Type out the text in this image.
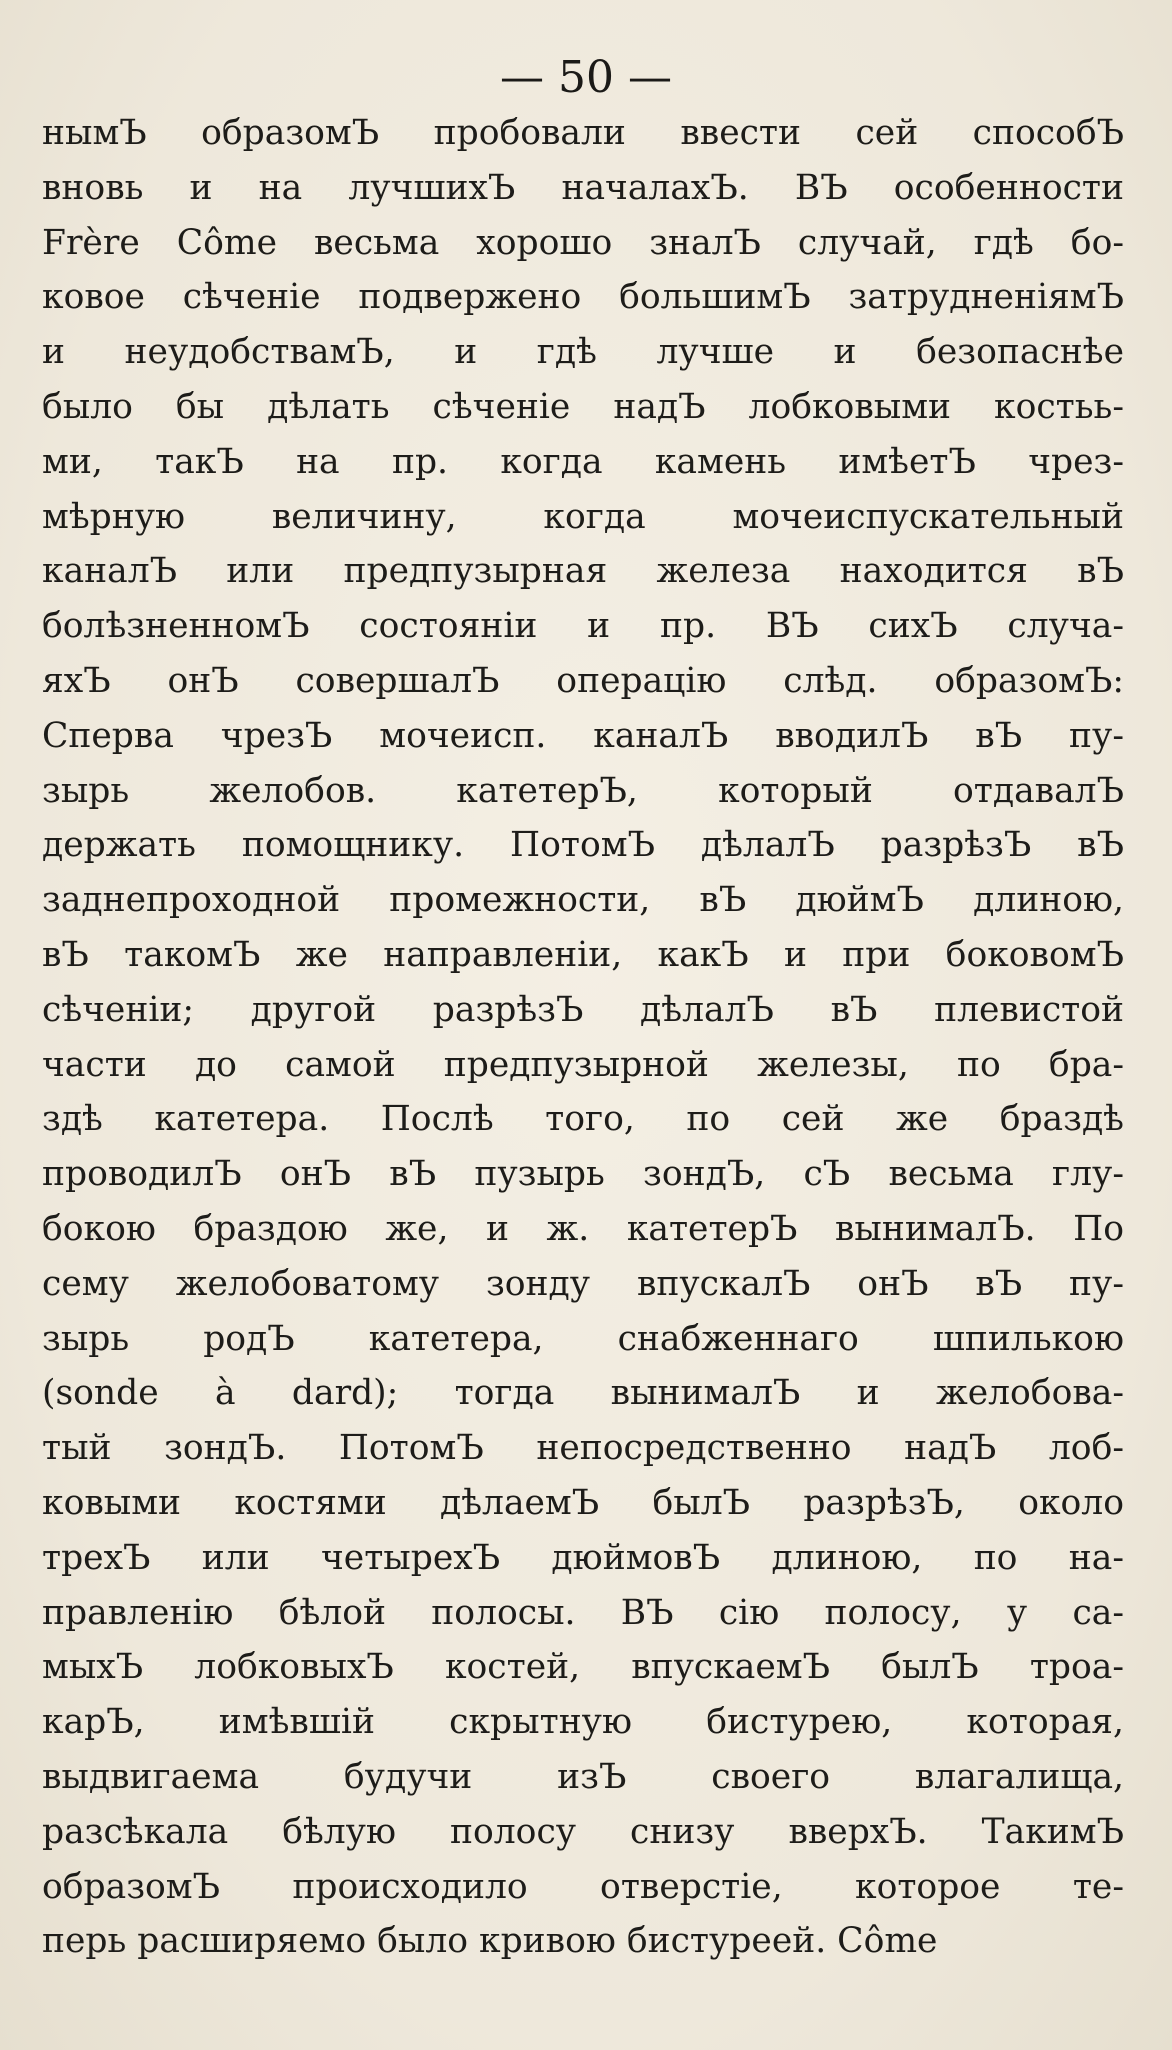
— 50 —
нымЪ образомЪ пробовали ввести сей способЪ
вновь и на лучшихЪ началахЪ. ВЪ особенности
Frère Côme весьма хорошо зналЪ случай, гдѣ бо-
ковое сѣченіе подвержено большимЪ затрудненіямЪ
и неудобствамЪ, и гдѣ лучше и безопаснѣе
было бы дѣлать сѣченіе надЪ лобковыми костьь-
ми, такЪ на пр. когда камень имѣетЪ чрез-
мѣрную величину, когда мочеиспускательный
каналЪ или предпузырная железа находится вЪ
болѣзненномЪ состояніи и пр. ВЪ сихЪ случа-
яхЪ онЪ совершалЪ операцію слѣд. образомЪ:
Сперва чрезЪ мочеисп. каналЪ вводилЪ вЪ пу-
зырь желобов. катетерЪ, который отдавалЪ
держать помощнику. ПотомЪ дѣлалЪ разрѣзЪ вЪ
заднепроходной промежности, вЪ дюймЪ длиною,
вЪ такомЪ же направленіи, какЪ и при боковомЪ
сѣченіи; другой разрѣзЪ дѣлалЪ вЪ плевистой
части до самой предпузырной железы, по бра-
здѣ катетера. Послѣ того, по сей же браздѣ
проводилЪ онЪ вЪ пузырь зондЪ, сЪ весьма глу-
бокою браздою же, и ж. катетерЪ вынималЪ. По
сему желобоватому зонду впускалЪ онЪ вЪ пу-
зырь родЪ катетера, снабженнаго шпилькою
(sonde à dard); тогда вынималЪ и желобова-
тый зондЪ. ПотомЪ непосредственно надЪ лоб-
ковыми костями дѣлаемЪ былЪ разрѣзЪ, около
трехЪ или четырехЪ дюймовЪ длиною, по на-
правленію бѣлой полосы. ВЪ сію полосу, у са-
мыхЪ лобковыхЪ костей, впускаемЪ былЪ троа-
карЪ, имѣвшій скрытную бистурею, которая,
выдвигаема будучи изЪ своего влагалища,
разсѣкала бѣлую полосу снизу вверхЪ. ТакимЪ
образомЪ происходило отверстіе, которое те-
перь расширяемо было кривою бистуреей. Côme
